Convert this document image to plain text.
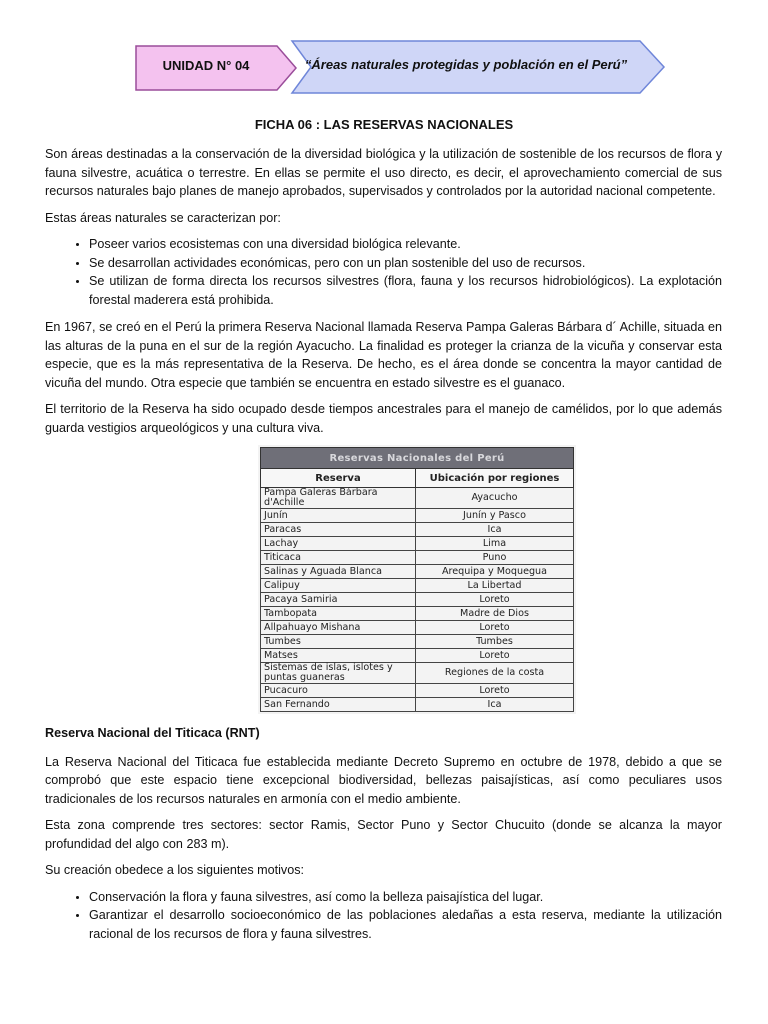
UNIDAD N° 04	“Áreas naturales protegidas y población en el Perú”
FICHA 06 : LAS RESERVAS NACIONALES

Son áreas destinadas a la conservación de la diversidad biológica y la utilización de sostenible de los recursos de flora y fauna silvestre, acuática o terrestre. En ellas se permite el uso directo, es decir, el aprovechamiento comercial de sus recursos naturales bajo planes de manejo aprobados, supervisados y controlados por la autoridad nacional competente.

Estas áreas naturales se caracterizan por:

• Poseer varios ecosistemas con una diversidad biológica relevante.
• Se desarrollan actividades económicas, pero con un plan sostenible del uso de recursos.
• Se utilizan de forma directa los recursos silvestres (flora, fauna y los recursos hidrobiológicos). La explotación forestal maderera está prohibida.

En 1967, se creó en el Perú la primera Reserva Nacional llamada Reserva Pampa Galeras Bárbara d´ Achille, situada en las alturas de la puna en el sur de la región Ayacucho. La finalidad es proteger la crianza de la vicuña y conservar esta especie, que es la más representativa de la Reserva. De hecho, es el área donde se concentra la mayor cantidad de vicuña del mundo. Otra especie que también se encuentra en estado silvestre es el guanaco.

El territorio de la Reserva ha sido ocupado desde tiempos ancestrales para el manejo de camélidos, por lo que además guarda vestigios arqueológicos y una cultura viva.

Reservas Nacionales del Perú	
Reserva	Ubicación por regiones
Pampa Galeras Bárbara d'Achille	Ayacucho
Junín	Junín y Pasco
Paracas	Ica
Lachay	Lima
Titicaca	Puno
Salinas y Aguada Blanca	Arequipa y Moquegua
Calipuy	La Libertad
Pacaya Samiria	Loreto
Tambopata	Madre de Dios
Allpahuayo Mishana	Loreto
Tumbes	Tumbes
Matses	Loreto
Sistemas de islas, islotes y puntas guaneras	Regiones de la costa
Pucacuro	Loreto
San Fernando	Ica

Reserva Nacional del Titicaca (RNT)

La Reserva Nacional del Titicaca fue establecida mediante Decreto Supremo en octubre de 1978, debido a que se comprobó que este espacio tiene excepcional biodiversidad, bellezas paisajísticas, así como peculiares usos tradicionales de los recursos naturales en armonía con el medio ambiente.

Esta zona comprende tres sectores: sector Ramis, Sector Puno y Sector Chucuito (donde se alcanza la mayor profundidad del algo con 283 m).

Su creación obedece a los siguientes motivos:

• Conservación la flora y fauna silvestres, así como la belleza paisajística del lugar.
• Garantizar el desarrollo socioeconómico de las poblaciones aledañas a esta reserva, mediante la utilización racional de los recursos de flora y fauna silvestres.
